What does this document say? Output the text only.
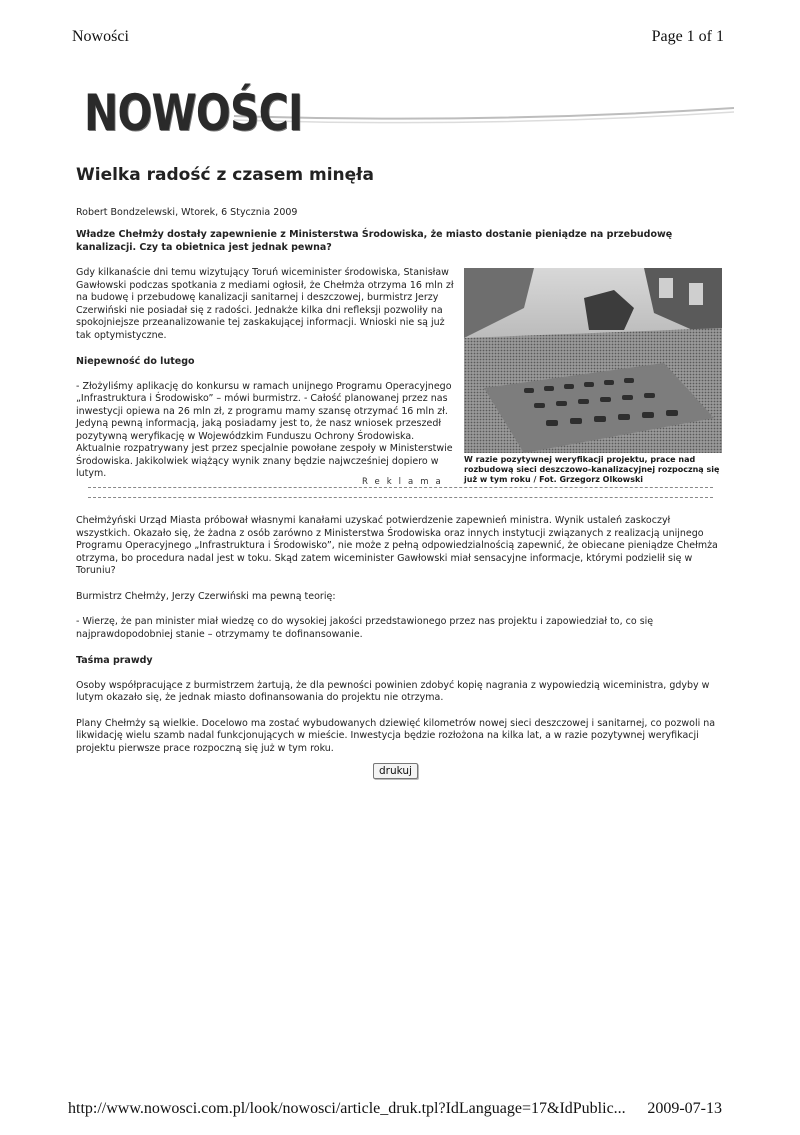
Nowości	Page 1 of 1
NOWOŚCI
Wielka radość z czasem minęła
Robert Bondzelewski, Wtorek, 6 Stycznia 2009
Władze Chełmży dostały zapewnienie z Ministerstwa Środowiska, że miasto dostanie pieniądze na przebudowę kanalizacji. Czy ta obietnica jest jednak pewna?

Gdy kilkanaście dni temu wizytujący Toruń wiceminister środowiska, Stanisław Gawłowski podczas spotkania z mediami ogłosił, że Chełmża otrzyma 16 mln zł na budowę i przebudowę kanalizacji sanitarnej i deszczowej, burmistrz Jerzy Czerwiński nie posiadał się z radości. Jednakże kilka dni refleksji pozwoliły na spokojniejsze przeanalizowanie tej zaskakującej informacji. Wnioski nie są już tak optymistyczne.

Niepewność do lutego

- Złożyliśmy aplikację do konkursu w ramach unijnego Programu Operacyjnego „Infrastruktura i Środowisko” – mówi burmistrz. - Całość planowanej przez nas inwestycji opiewa na 26 mln zł, z programu mamy szansę otrzymać 16 mln zł. Jedyną pewną informacją, jaką posiadamy jest to, że nasz wniosek przeszedł pozytywną weryfikację w Wojewódzkim Funduszu Ochrony Środowiska. Aktualnie rozpatrywany jest przez specjalnie powołane zespoły w Ministerstwie Środowiska. Jakikolwiek wiążący wynik znany będzie najwcześniej dopiero w lutym.

W razie pozytywnej weryfikacji projektu, prace nad rozbudową sieci deszczowo-kanalizacyjnej rozpoczną się już w tym roku / Fot. Grzegorz Olkowski
Reklama

Chełmżyński Urząd Miasta próbował własnymi kanałami uzyskać potwierdzenie zapewnień ministra. Wynik ustaleń zaskoczył wszystkich. Okazało się, że żadna z osób zarówno z Ministerstwa Środowiska oraz innych instytucji związanych z realizacją unijnego Programu Operacyjnego „Infrastruktura i Środowisko”, nie może z pełną odpowiedzialnością zapewnić, że obiecane pieniądze Chełmża otrzyma, bo procedura nadal jest w toku. Skąd zatem wiceminister Gawłowski miał sensacyjne informacje, którymi podzielił się w Toruniu?

Burmistrz Chełmży, Jerzy Czerwiński ma pewną teorię:

- Wierzę, że pan minister miał wiedzę co do wysokiej jakości przedstawionego przez nas projektu i zapowiedział to, co się najprawdopodobniej stanie – otrzymamy te dofinansowanie.

Taśma prawdy

Osoby współpracujące z burmistrzem żartują, że dla pewności powinien zdobyć kopię nagrania z wypowiedzią wiceministra, gdyby w lutym okazało się, że jednak miasto dofinansowania do projektu nie otrzyma.

Plany Chełmży są wielkie. Docelowo ma zostać wybudowanych dziewięć kilometrów nowej sieci deszczowej i sanitarnej, co pozwoli na likwidację wielu szamb nadal funkcjonujących w mieście. Inwestycja będzie rozłożona na kilka lat, a w razie pozytywnej weryfikacji projektu pierwsze prace rozpoczną się już w tym roku.

drukuj
http://www.nowosci.com.pl/look/nowosci/article_druk.tpl?IdLanguage=17&IdPublic... 2009-07-13
